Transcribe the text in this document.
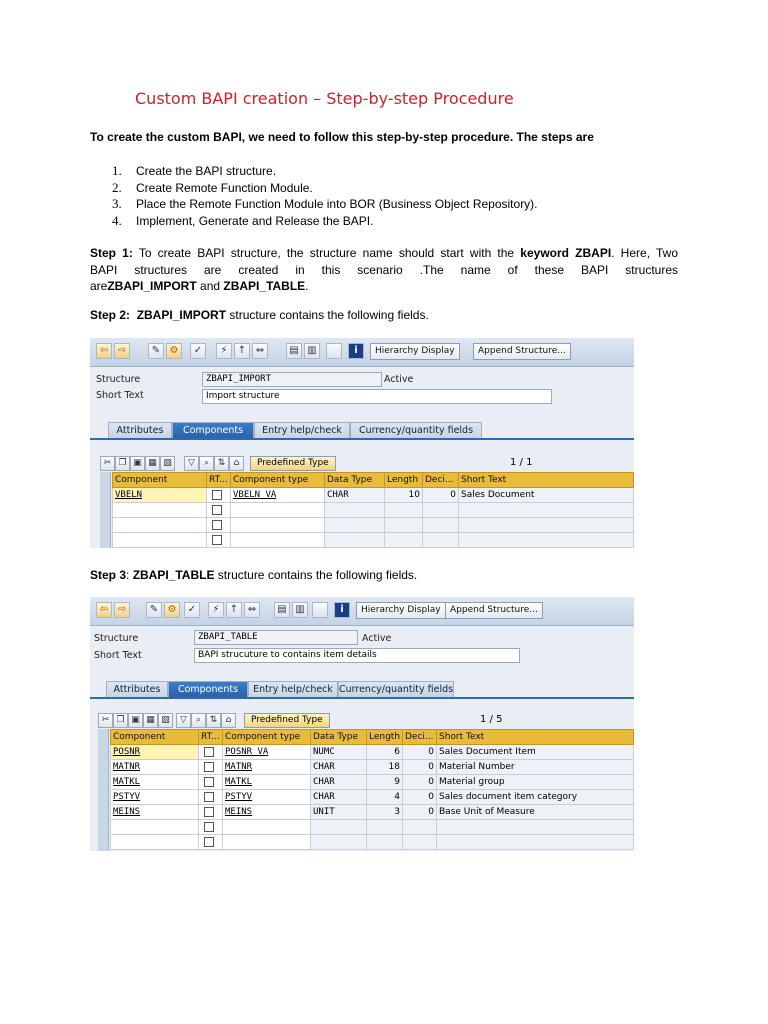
Custom BAPI creation – Step-by-step Procedure
To create the custom BAPI, we need to follow this step-by-step procedure. The steps are
1. Create the BAPI structure.
2. Create Remote Function Module.
3. Place the Remote Function Module into BOR (Business Object Repository).
4. Implement, Generate and Release the BAPI.
Step 1: To create BAPI structure, the structure name should start with the keyword ZBAPI. Here, Two
BAPI structures are created in this scenario .The name of these BAPI structures
areZBAPI_IMPORT and ZBAPI_TABLE.
Step 2: ZBAPI_IMPORT structure contains the following fields.
⇦ ⇨	✎ ⚙	✓	⚡	↑ ⇔	▤ ▥	i	Hierarchy Display	Append Structure...
Structure	ZBAPI_IMPORT	Active
Short Text	Import structure
Attributes	Components	Entry help/check	Currency/quantity fields
✂ ❐ ▣ ▦ ▧	▽	⌕ ⇅ ⌂	Predefined Type	1 / 1
Component	RT...	Component type	Data Type	Length	Deci...	Short Text
VBELN		VBELN_VA	CHAR	10	0	Sales Document

Step 3: ZBAPI_TABLE structure contains the following fields.
⇦ ⇨	✎ ⚙	✓	⚡	↑ ⇔	▤ ▥	i	Hierarchy Display	Append Structure...
Structure	ZBAPI_TABLE	Active
Short Text	BAPI strucuture to contains item details
Attributes	Components	Entry help/check Currency/quantity fields
✂ ❐ ▣ ▦ ▧	▽	⌕ ⇅ ⌂	Predefined Type	1 / 5
Component	RT...	Component type	Data Type	Length	Deci...	Short Text
POSNR		POSNR_VA	NUMC	6	0	Sales Document Item
MATNR		MATNR	CHAR	18	0	Material Number
MATKL		MATKL	CHAR	9	0	Material group
PSTYV		PSTYV	CHAR	4	0	Sales document item category
MEINS		MEINS	UNIT	3	0	Base Unit of Measure
